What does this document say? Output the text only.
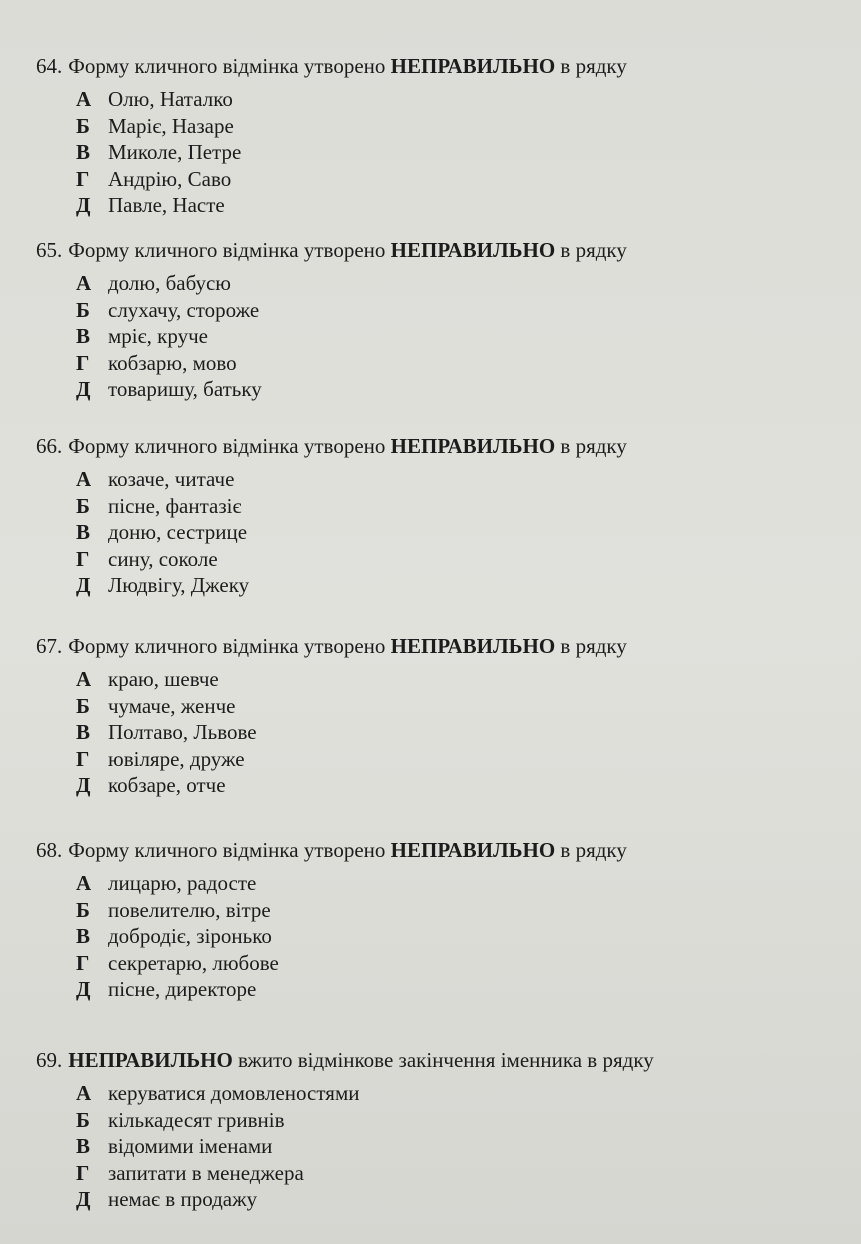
64. Форму кличного відмінка утворено НЕПРАВИЛЬНО в рядку
А Олю, Наталко
Б Маріє, Назаре
В Миколе, Петре
Г Андрію, Саво
Д Павле, Насте
65. Форму кличного відмінка утворено НЕПРАВИЛЬНО в рядку
А долю, бабусю
Б слухачу, стороже
В мріє, круче
Г кобзарю, мово
Д товаришу, батьку
66. Форму кличного відмінка утворено НЕПРАВИЛЬНО в рядку
А козаче, читаче
Б пісне, фантазіє
В доню, сестрице
Г сину, соколе
Д Людвігу, Джеку
67. Форму кличного відмінка утворено НЕПРАВИЛЬНО в рядку
А краю, шевче
Б чумаче, женче
В Полтаво, Львове
Г ювіляре, друже
Д кобзаре, отче
68. Форму кличного відмінка утворено НЕПРАВИЛЬНО в рядку
А лицарю, радосте
Б повелителю, вітре
В добродіє, зіронько
Г секретарю, любове
Д пісне, директоре
69. НЕПРАВИЛЬНО вжито відмінкове закінчення іменника в рядку
А керуватися домовленостями
Б кількадесят гривнів
В відомими іменами
Г запитати в менеджера
Д немає в продажу
